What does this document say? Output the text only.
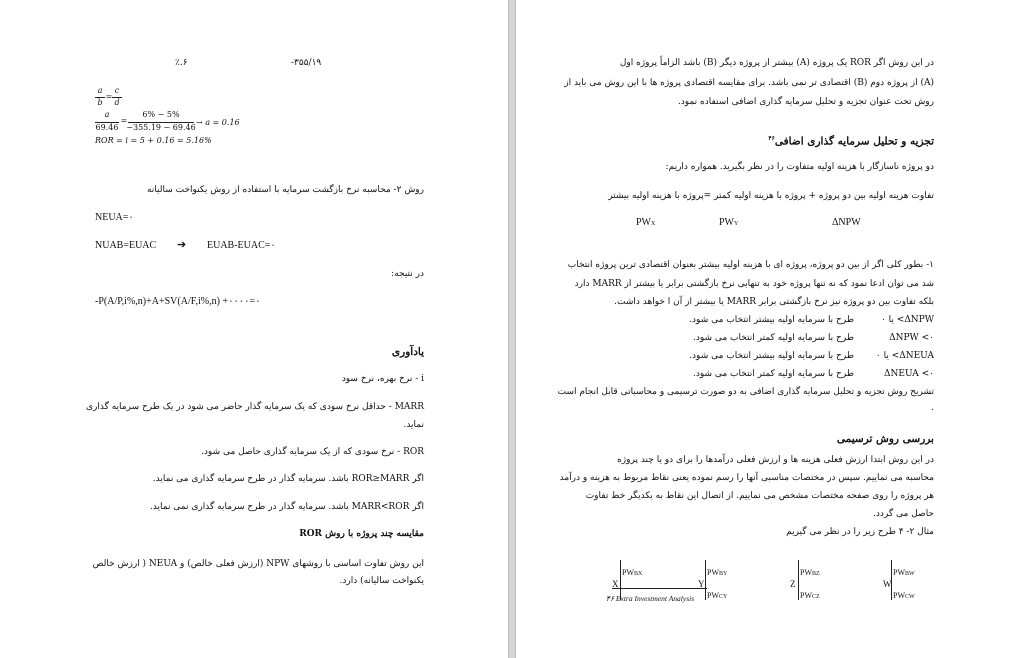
٪.۶	-۳۵۵/۱۹
a
b
=
c
d
a
69.46
=
6% − 5%
−355.19 − 69.46
→ a = 0.16
ROR = i = 5 + 0.16 = 5.16%
روش ۲- محاسبه نرخ بازگشت سرمایه با استفاده از روش یکنواخت سالیانه
NEUA=۰
NUAB=EUAC ➔ EUAB-EUAC=۰
در نتیجه:
-P(A/P,i%,n)+A+SV(A/F,i%,n) +۰۰۰۰=۰
یادآوری
i - نرخ بهره، نرخ سود
MARR - حداقل نرخ سودی که یک سرمایه گذار حاضر می شود در یک طرح سرمایه گذاری
نماید.
ROR - نرخ سودی که از یک سرمایه گذاری حاصل می شود.
اگر ROR≥MARR باشد. سرمایه گذار در طرح سرمایه گذاری می نماید.
اگر MARR<ROR باشد. سرمایه گذار در طرح سرمایه گذاری نمی نماید.
مقایسه چند پروژه با روش ROR
این روش تفاوت اساسی با روشهای NPW (ارزش فعلی خالص) و NEUA ( ارزش خالص
یکنواخت سالیانه) دارد.
در این روش اگر ROR یک پروژه (A) بیشتر از پروژه دیگر (B) باشد الزاماً پروژه اول
(A) از پروژه دوم (B) اقتصادی تر نمی باشد. برای مقایسه اقتصادی پروژه ها با این روش می باید از
روش تحت عنوان تجزیه و تحلیل سرمایه گذاری اضافی استفاده نمود.
تجزیه و تحلیل سرمایه گذاری اضافی$^{۴۶}$
دو پروژه ناسازگار با هزینه اولیه متفاوت را در نظر بگیرید. همواره داریم:
تفاوت هزینه اولیه بین دو پروژه + پروژه با هزینه اولیه کمتر =پروژه با هزینه اولیه بیشتر
PWX	PWY	ΔNPW
۱- بطور کلی اگر از بین دو پروژه، پروژه ای با هزینه اولیه بیشتر بعنوان اقتصادی ترین پروژه انتخاب
شد می توان ادعا نمود که نه تنها پروژه خود به تنهایی نرخ بازگشتی برابر یا بیشتر از MARR دارد
بلکه تفاوت بین دو پروژه نیز نرخ بازگشتی برابر MARR یا بیشتر از آن ا خواهد داشت.
طرح با سرمایه اولیه بیشتر انتخاب می شود.	ΔNPW> یا ۰
طرح با سرمایه اولیه کمتر انتخاب می شود.	ΔNPW <۰
طرح با سرمایه اولیه بیشتر انتخاب می شود.	ΔNEUA> یا ۰
طرح با سرمایه اولیه کمتر انتخاب می شود.	ΔNEUA <۰
تشریح روش تجزیه و تحلیل سرمایه گذاری اضافی به دو صورت ترسیمی و محاسباتی قابل انجام است
.
بررسی روش ترسیمی
در این روش ابتدا ارزش فعلی هزینه ها و ارزش فعلی درآمدها را برای دو یا چند پروژه
محاسبه می نماییم. سپس در مختصات مناسبی آنها را رسم نموده یعنی نقاط مربوط به هزینه و درآمد
هر پروژه را روی صفحه مختصات مشخص می نماییم. از اتصال این نقاط به یکدیگر خط تفاوت
حاصل می گردد.
مثال ۲- ۴ طرح زیر را در نظر می گیریم
X	Y	Z	W
PWBX	PWBY
PWCY
PWBZ
PWCZ
PWBW
PWCW
۴۶ Extra Investment Analysis
